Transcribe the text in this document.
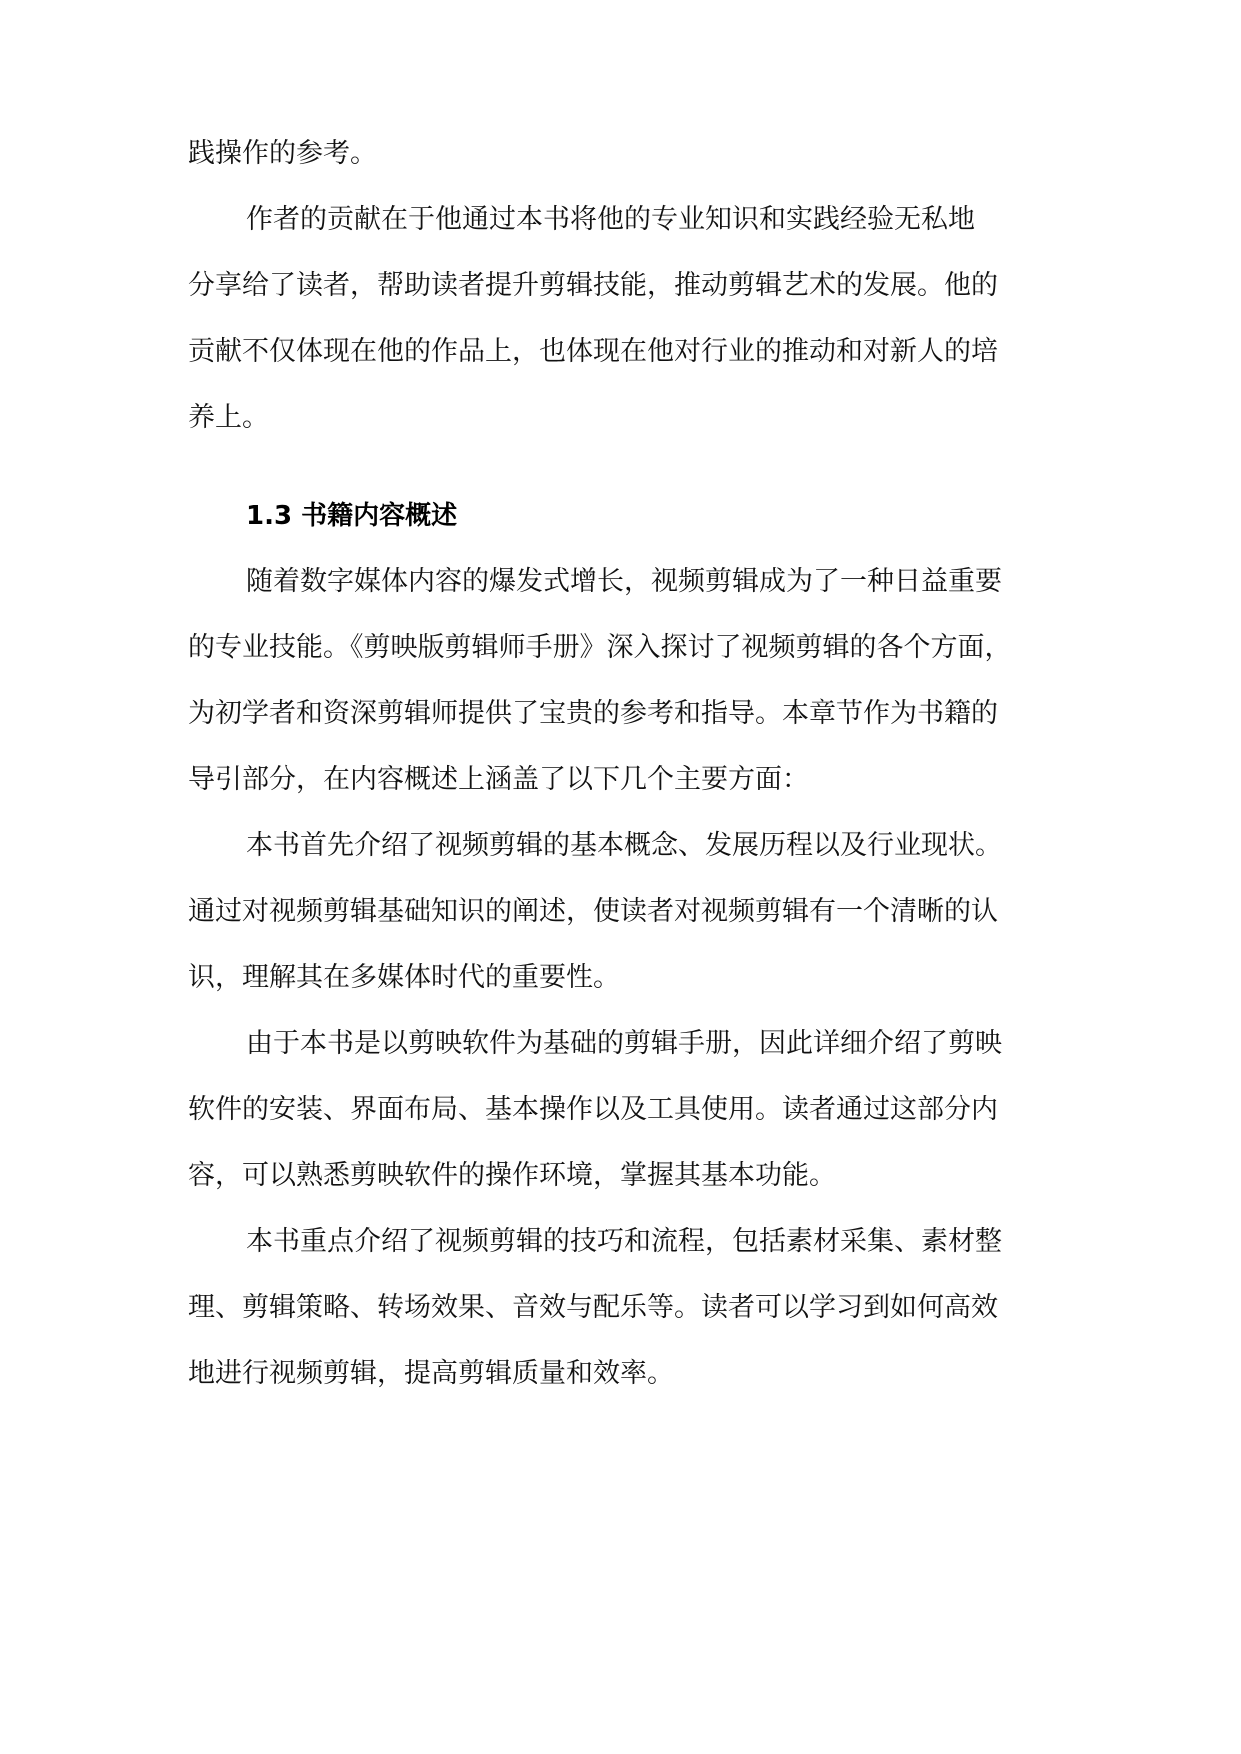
践操作的参考。

作者的贡献在于他通过本书将他的专业知识和实践经验无私地

分享给了读者，帮助读者提升剪辑技能，推动剪辑艺术的发展。他的

贡献不仅体现在他的作品上，也体现在他对行业的推动和对新人的培

养上。

1.3 书籍内容概述

随着数字媒体内容的爆发式增长，视频剪辑成为了一种日益重要

的专业技能。《剪映版剪辑师手册》深入探讨了视频剪辑的各个方面，

为初学者和资深剪辑师提供了宝贵的参考和指导。本章节作为书籍的

导引部分，在内容概述上涵盖了以下几个主要方面：

本书首先介绍了视频剪辑的基本概念、发展历程以及行业现状。

通过对视频剪辑基础知识的阐述，使读者对视频剪辑有一个清晰的认

识，理解其在多媒体时代的重要性。

由于本书是以剪映软件为基础的剪辑手册，因此详细介绍了剪映

软件的安装、界面布局、基本操作以及工具使用。读者通过这部分内

容，可以熟悉剪映软件的操作环境，掌握其基本功能。

本书重点介绍了视频剪辑的技巧和流程，包括素材采集、素材整

理、剪辑策略、转场效果、音效与配乐等。读者可以学习到如何高效

地进行视频剪辑，提高剪辑质量和效率。
